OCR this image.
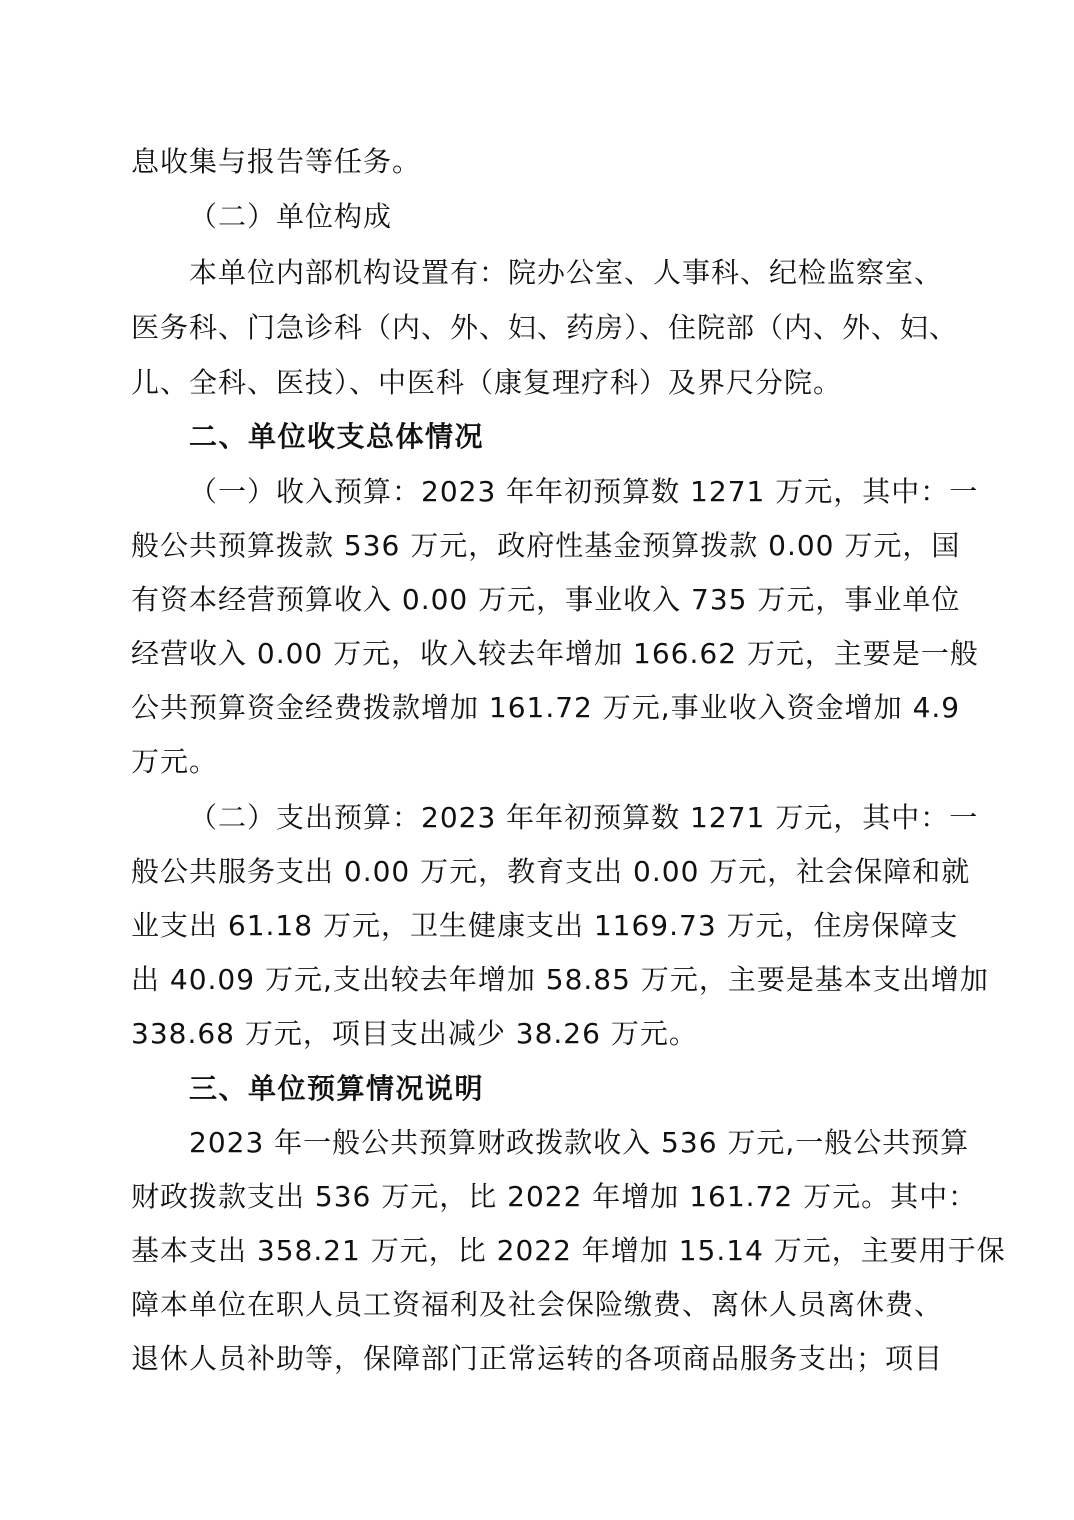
息收集与报告等任务。
（二）单位构成
本单位内部机构设置有：院办公室、人事科、纪检监察室、
医务科、门急诊科（内、外、妇、药房）、住院部（内、外、妇、
儿、全科、医技）、中医科（康复理疗科）及界尺分院。
二、单位收支总体情况
（一）收入预算：2023 年年初预算数 1271 万元，其中：一
般公共预算拨款 536 万元，政府性基金预算拨款 0.00 万元，国
有资本经营预算收入 0.00 万元，事业收入 735 万元，事业单位
经营收入 0.00 万元，收入较去年增加 166.62 万元，主要是一般
公共预算资金经费拨款增加 161.72 万元,事业收入资金增加 4.9
万元。
（二）支出预算：2023 年年初预算数 1271 万元，其中：一
般公共服务支出 0.00 万元，教育支出 0.00 万元，社会保障和就
业支出 61.18 万元，卫生健康支出 1169.73 万元，住房保障支
出 40.09 万元,支出较去年增加 58.85 万元，主要是基本支出增加
338.68 万元，项目支出减少 38.26 万元。
三、单位预算情况说明
2023 年一般公共预算财政拨款收入 536 万元,一般公共预算
财政拨款支出 536 万元，比 2022 年增加 161.72 万元。其中：
基本支出 358.21 万元，比 2022 年增加 15.14 万元，主要用于保
障本单位在职人员工资福利及社会保险缴费、离休人员离休费、
退休人员补助等，保障部门正常运转的各项商品服务支出；项目
